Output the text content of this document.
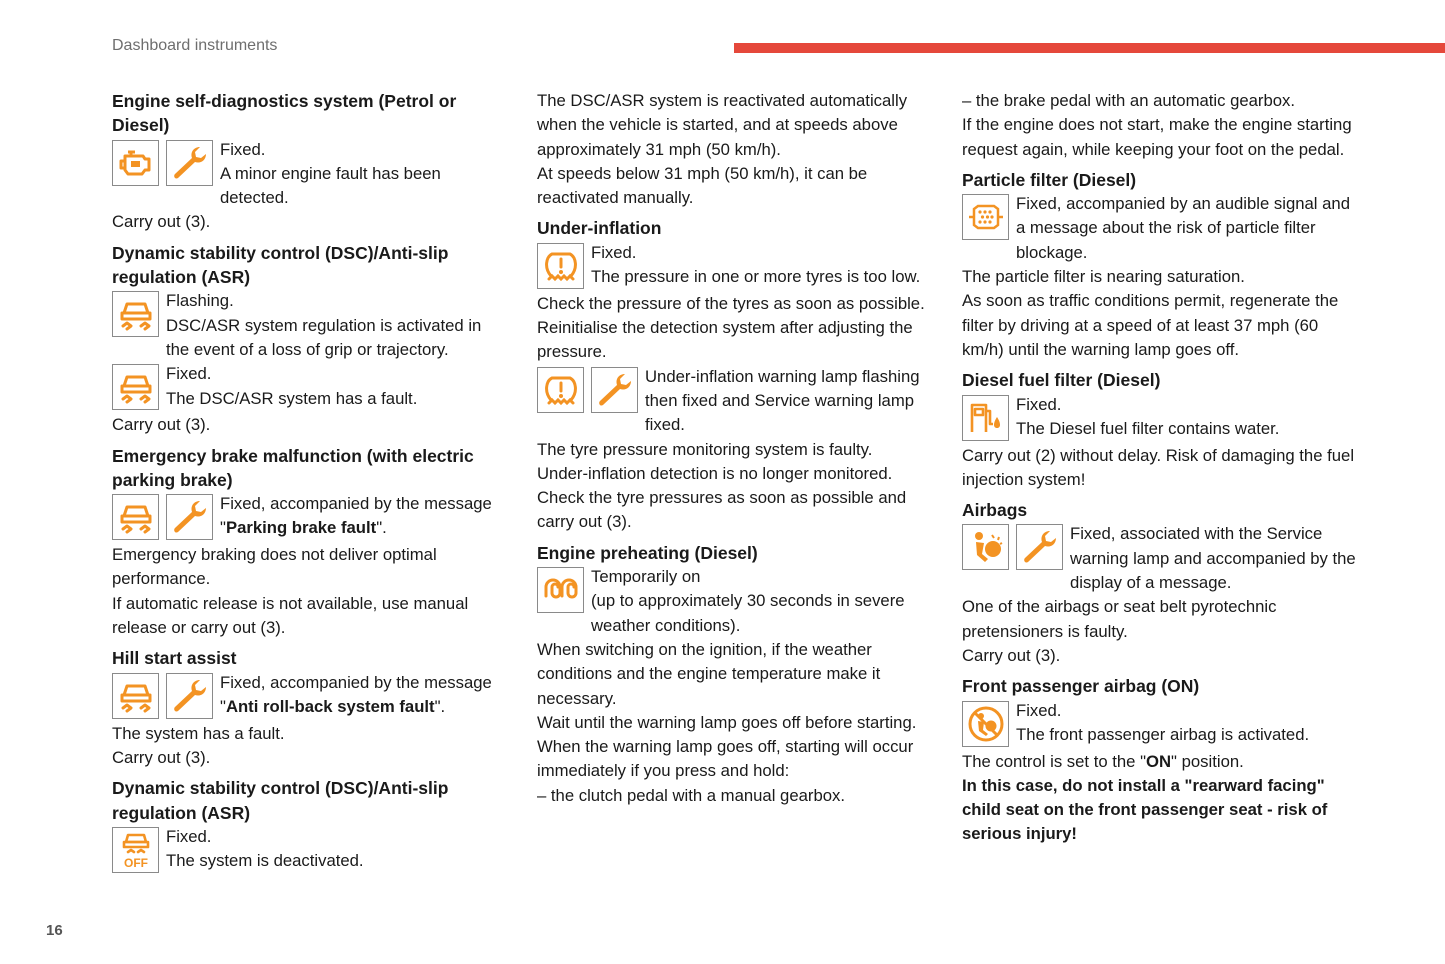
Dashboard instruments

Engine self-diagnostics system (Petrol or Diesel)

Fixed.

A minor engine fault has been detected.

Carry out (3).

Dynamic stability control (DSC)/Anti-slip regulation (ASR)

Flashing.

DSC/ASR system regulation is activated in the event of a loss of grip or trajectory.

Fixed.

The DSC/ASR system has a fault.

Carry out (3).

Emergency brake malfunction (with electric parking brake)

Fixed, accompanied by the message "Parking brake fault".

Emergency braking does not deliver optimal performance.

If automatic release is not available, use manual release or carry out (3).

Hill start assist

Fixed, accompanied by the message "Anti roll-back system fault".

The system has a fault.

Carry out (3).

Dynamic stability control (DSC)/Anti-slip regulation (ASR)

OFF

Fixed.

The system is deactivated.

The DSC/ASR system is reactivated automatically when the vehicle is started, and at speeds above approximately 31 mph (50 km/h).

At speeds below 31 mph (50 km/h), it can be reactivated manually.

Under-inflation

Fixed.

The pressure in one or more tyres is too low.

Check the pressure of the tyres as soon as possible.

Reinitialise the detection system after adjusting the pressure.

Under-inflation warning lamp flashing then fixed and Service warning lamp fixed.

The tyre pressure monitoring system is faulty.

Under-inflation detection is no longer monitored.

Check the tyre pressures as soon as possible and carry out (3).

Engine preheating (Diesel)

Temporarily on

(up to approximately 30 seconds in severe weather conditions).

When switching on the ignition, if the weather conditions and the engine temperature make it necessary.

Wait until the warning lamp goes off before starting.

When the warning lamp goes off, starting will occur immediately if you press and hold:

– the clutch pedal with a manual gearbox.

– the brake pedal with an automatic gearbox.

If the engine does not start, make the engine starting request again, while keeping your foot on the pedal.

Particle filter (Diesel)

Fixed, accompanied by an audible signal and a message about the risk of particle filter blockage.

The particle filter is nearing saturation.

As soon as traffic conditions permit, regenerate the filter by driving at a speed of at least 37 mph (60 km/h) until the warning lamp goes off.

Diesel fuel filter (Diesel)

Fixed.

The Diesel fuel filter contains water.

Carry out (2) without delay. Risk of damaging the fuel injection system!

Airbags

Fixed, associated with the Service warning lamp and accompanied by the display of a message.

One of the airbags or seat belt pyrotechnic pretensioners is faulty.

Carry out (3).

Front passenger airbag (ON)

Fixed.

The front passenger airbag is activated.

The control is set to the "ON" position.

In this case, do not install a "rearward facing" child seat on the front passenger seat - risk of serious injury!

16
